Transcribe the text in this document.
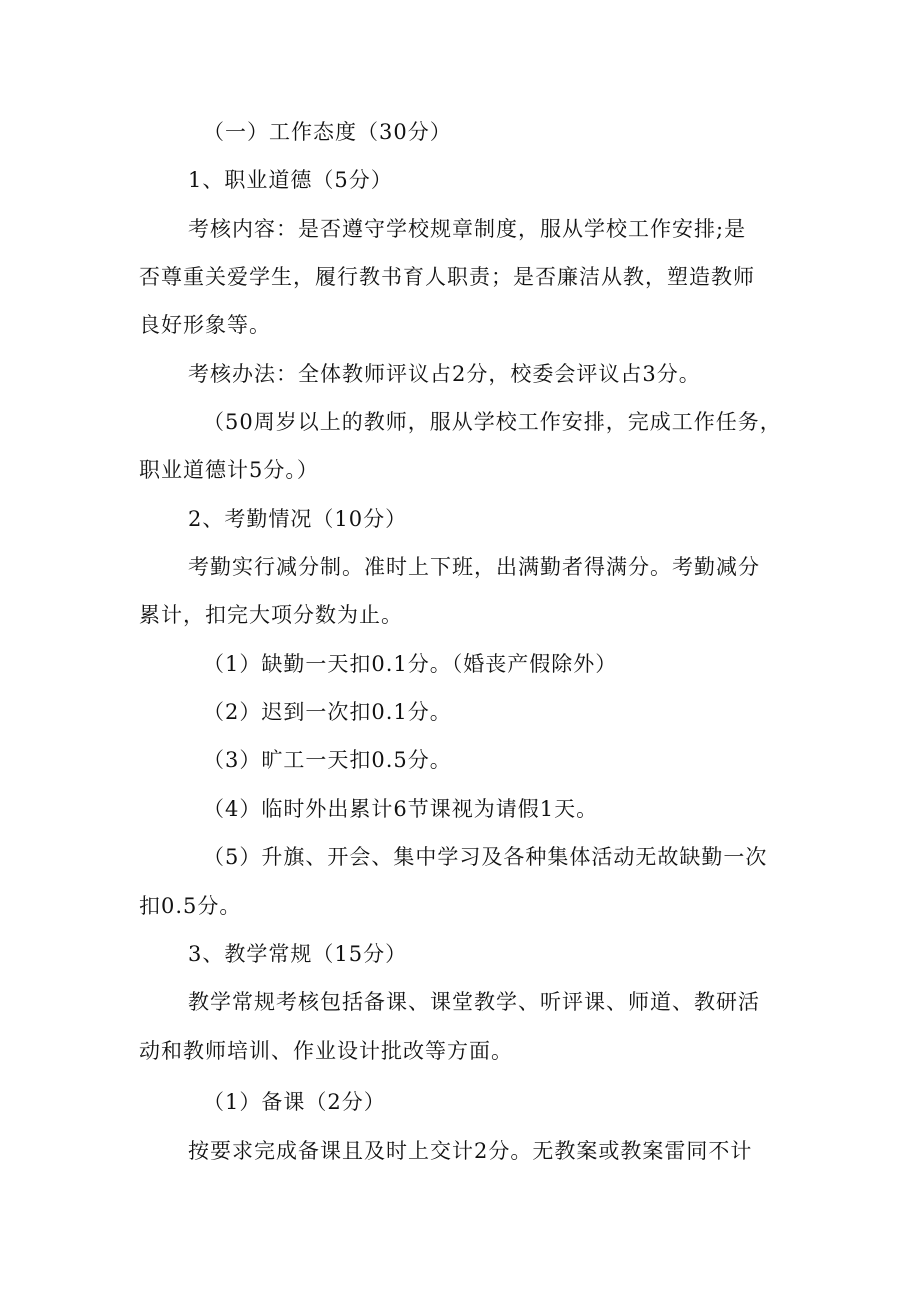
（一）工作态度（30分）
1、职业道德（5分）
考核内容：是否遵守学校规章制度，服从学校工作安排;是
否尊重关爱学生，履行教书育人职责；是否廉洁从教，塑造教师
良好形象等。
考核办法：全体教师评议占2分，校委会评议占3分。
（50周岁以上的教师，服从学校工作安排，完成工作任务，
职业道德计5分。）
2、考勤情况（10分）
考勤实行减分制。准时上下班，出满勤者得满分。考勤减分
累计，扣完大项分数为止。
（1）缺勤一天扣0.1分。（婚丧产假除外）
（2）迟到一次扣0.1分。
（3）旷工一天扣0.5分。
（4）临时外出累计6节课视为请假1天。
（5）升旗、开会、集中学习及各种集体活动无故缺勤一次
扣0.5分。
3、教学常规（15分）
教学常规考核包括备课、课堂教学、听评课、师道、教研活
动和教师培训、作业设计批改等方面。
（1）备课（2分）
按要求完成备课且及时上交计2分。无教案或教案雷同不计
